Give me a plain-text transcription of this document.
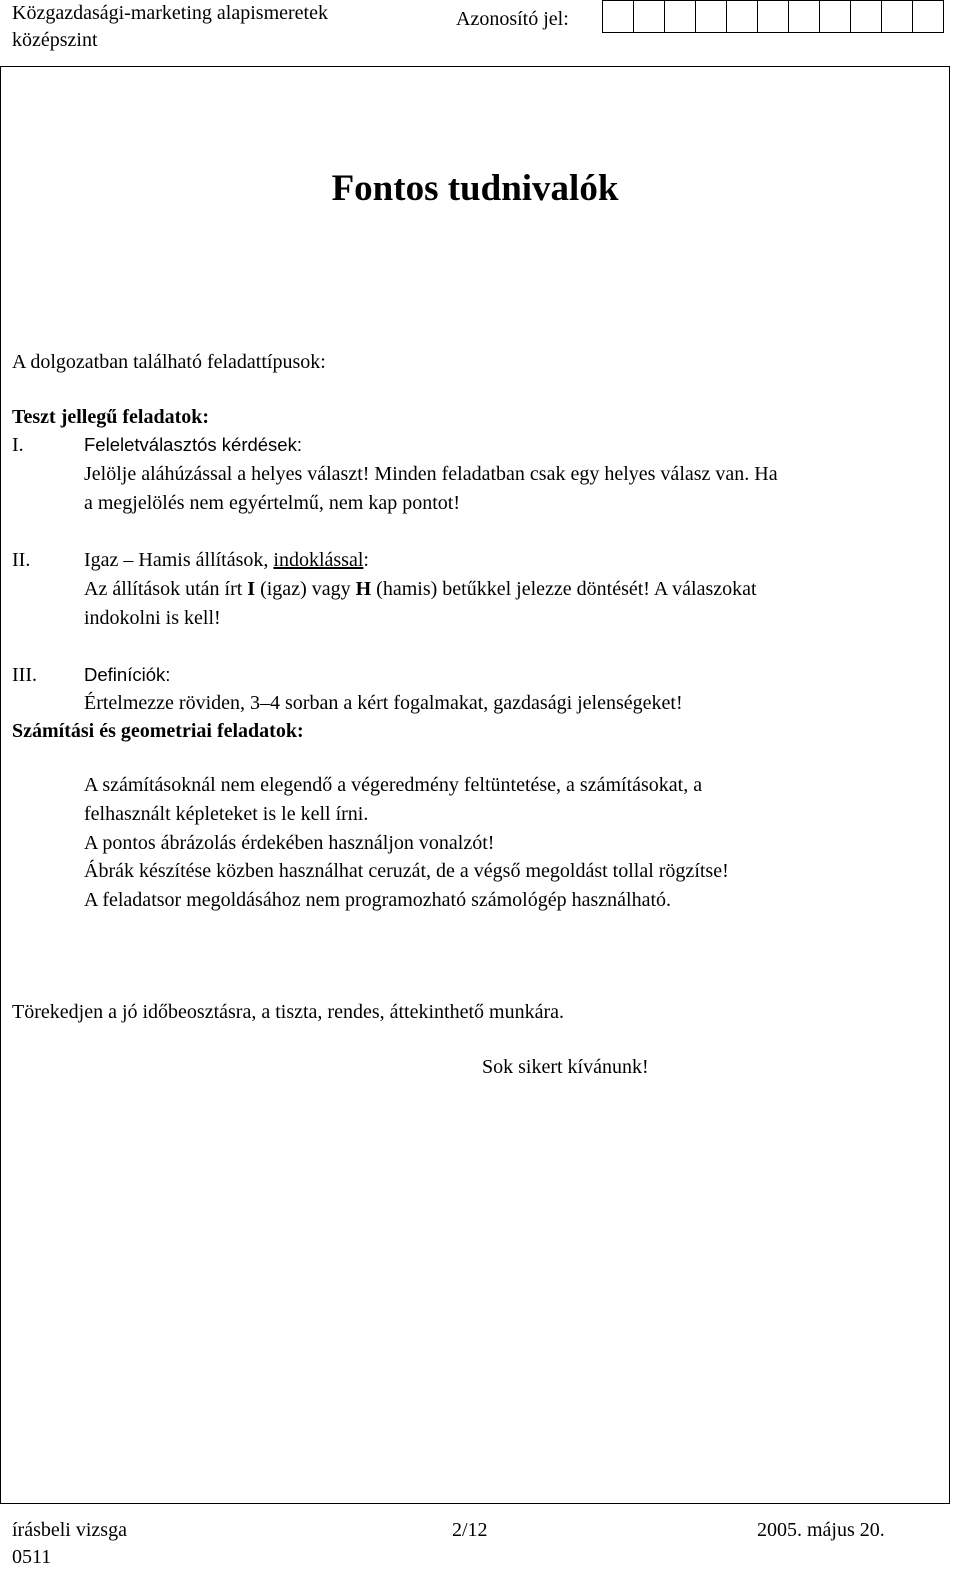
Közgazdasági-marketing alapismeretek
középszint
Azonosító jel:
Fontos tudnivalók
A dolgozatban található feladattípusok:
Teszt jellegű feladatok:
I.	Feleletválasztós kérdések:
Jelölje aláhúzással a helyes választ! Minden feladatban csak egy helyes válasz van. Ha
a megjelölés nem egyértelmű, nem kap pontot!
II.	Igaz – Hamis állítások, indoklással:
Az állítások után írt I (igaz) vagy H (hamis) betűkkel jelezze döntését! A válaszokat
indokolni is kell!
III.	Definíciók:
Értelmezze röviden, 3–4 sorban a kért fogalmakat, gazdasági jelenségeket!
Számítási és geometriai feladatok:
A számításoknál nem elegendő a végeredmény feltüntetése, a számításokat, a
felhasznált képleteket is le kell írni.
A pontos ábrázolás érdekében használjon vonalzót!
Ábrák készítése közben használhat ceruzát, de a végső megoldást tollal rögzítse!
A feladatsor megoldásához nem programozható számológép használható.
Törekedjen a jó időbeosztásra, a tiszta, rendes, áttekinthető munkára.
Sok sikert kívánunk!
írásbeli vizsga
0511
2/12	2005. május 20.
